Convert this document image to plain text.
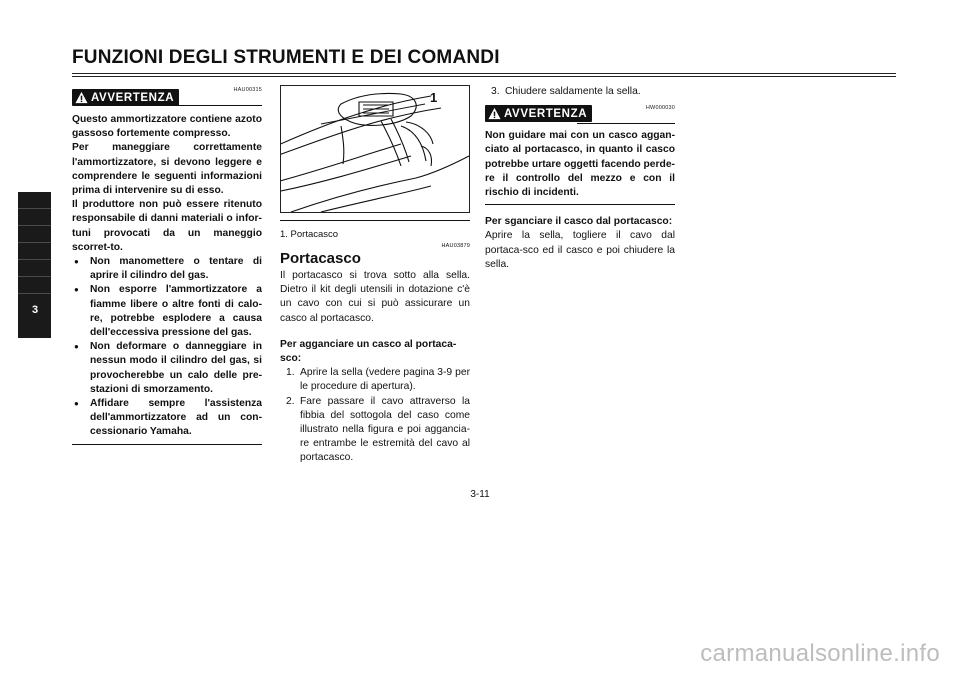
FUNZIONI DEGLI STRUMENTI E DEI COMANDI
3
AVVERTENZA
HAU00315

Questo ammortizzatore contiene azoto gassoso fortemente compresso.

Per maneggiare correttamente l'ammortizzatore, si devono leggere e comprendere le seguenti informazioni prima di intervenire su di esso.

Il produttore non può essere ritenuto responsabile di danni materiali o infor-tuni provocati da un maneggio scorret-to.

● Non manomettere o tentare di aprire il cilindro del gas.
● Non esporre l'ammortizzatore a fiamme libere o altre fonti di calo-re, potrebbe esplodere a causa dell'eccessiva pressione del gas.
● Non deformare o danneggiare in nessun modo il cilindro del gas, si provocherebbe un calo delle pre-stazioni di smorzamento.
● Affidare sempre l'assistenza dell'ammortizzatore ad un con-cessionario Yamaha.
1
1. Portacasco
HAU03879
Portacasco

Il portacasco si trova sotto alla sella. Dietro il kit degli utensili in dotazione c'è un cavo con cui si può assicurare un casco al portacasco.

Per agganciare un casco al portaca-sco:

1. Aprire la sella (vedere pagina 3-9 per le procedure di apertura).
2. Fare passare il cavo attraverso la fibbia del sottogola del caso come illustrato nella figura e poi aggancia-re entrambe le estremità del cavo al portacasco.
3. Chiudere saldamente la sella.
AVVERTENZA	HW000030

Non guidare mai con un casco aggan-ciato al portacasco, in quanto il casco potrebbe urtare oggetti facendo perde-re il controllo del mezzo e con il rischio di incidenti.

Per sganciare il casco dal portacasco:

Aprire la sella, togliere il cavo dal portaca-sco ed il casco e poi chiudere la sella.

3-11
carmanualsonline.info
